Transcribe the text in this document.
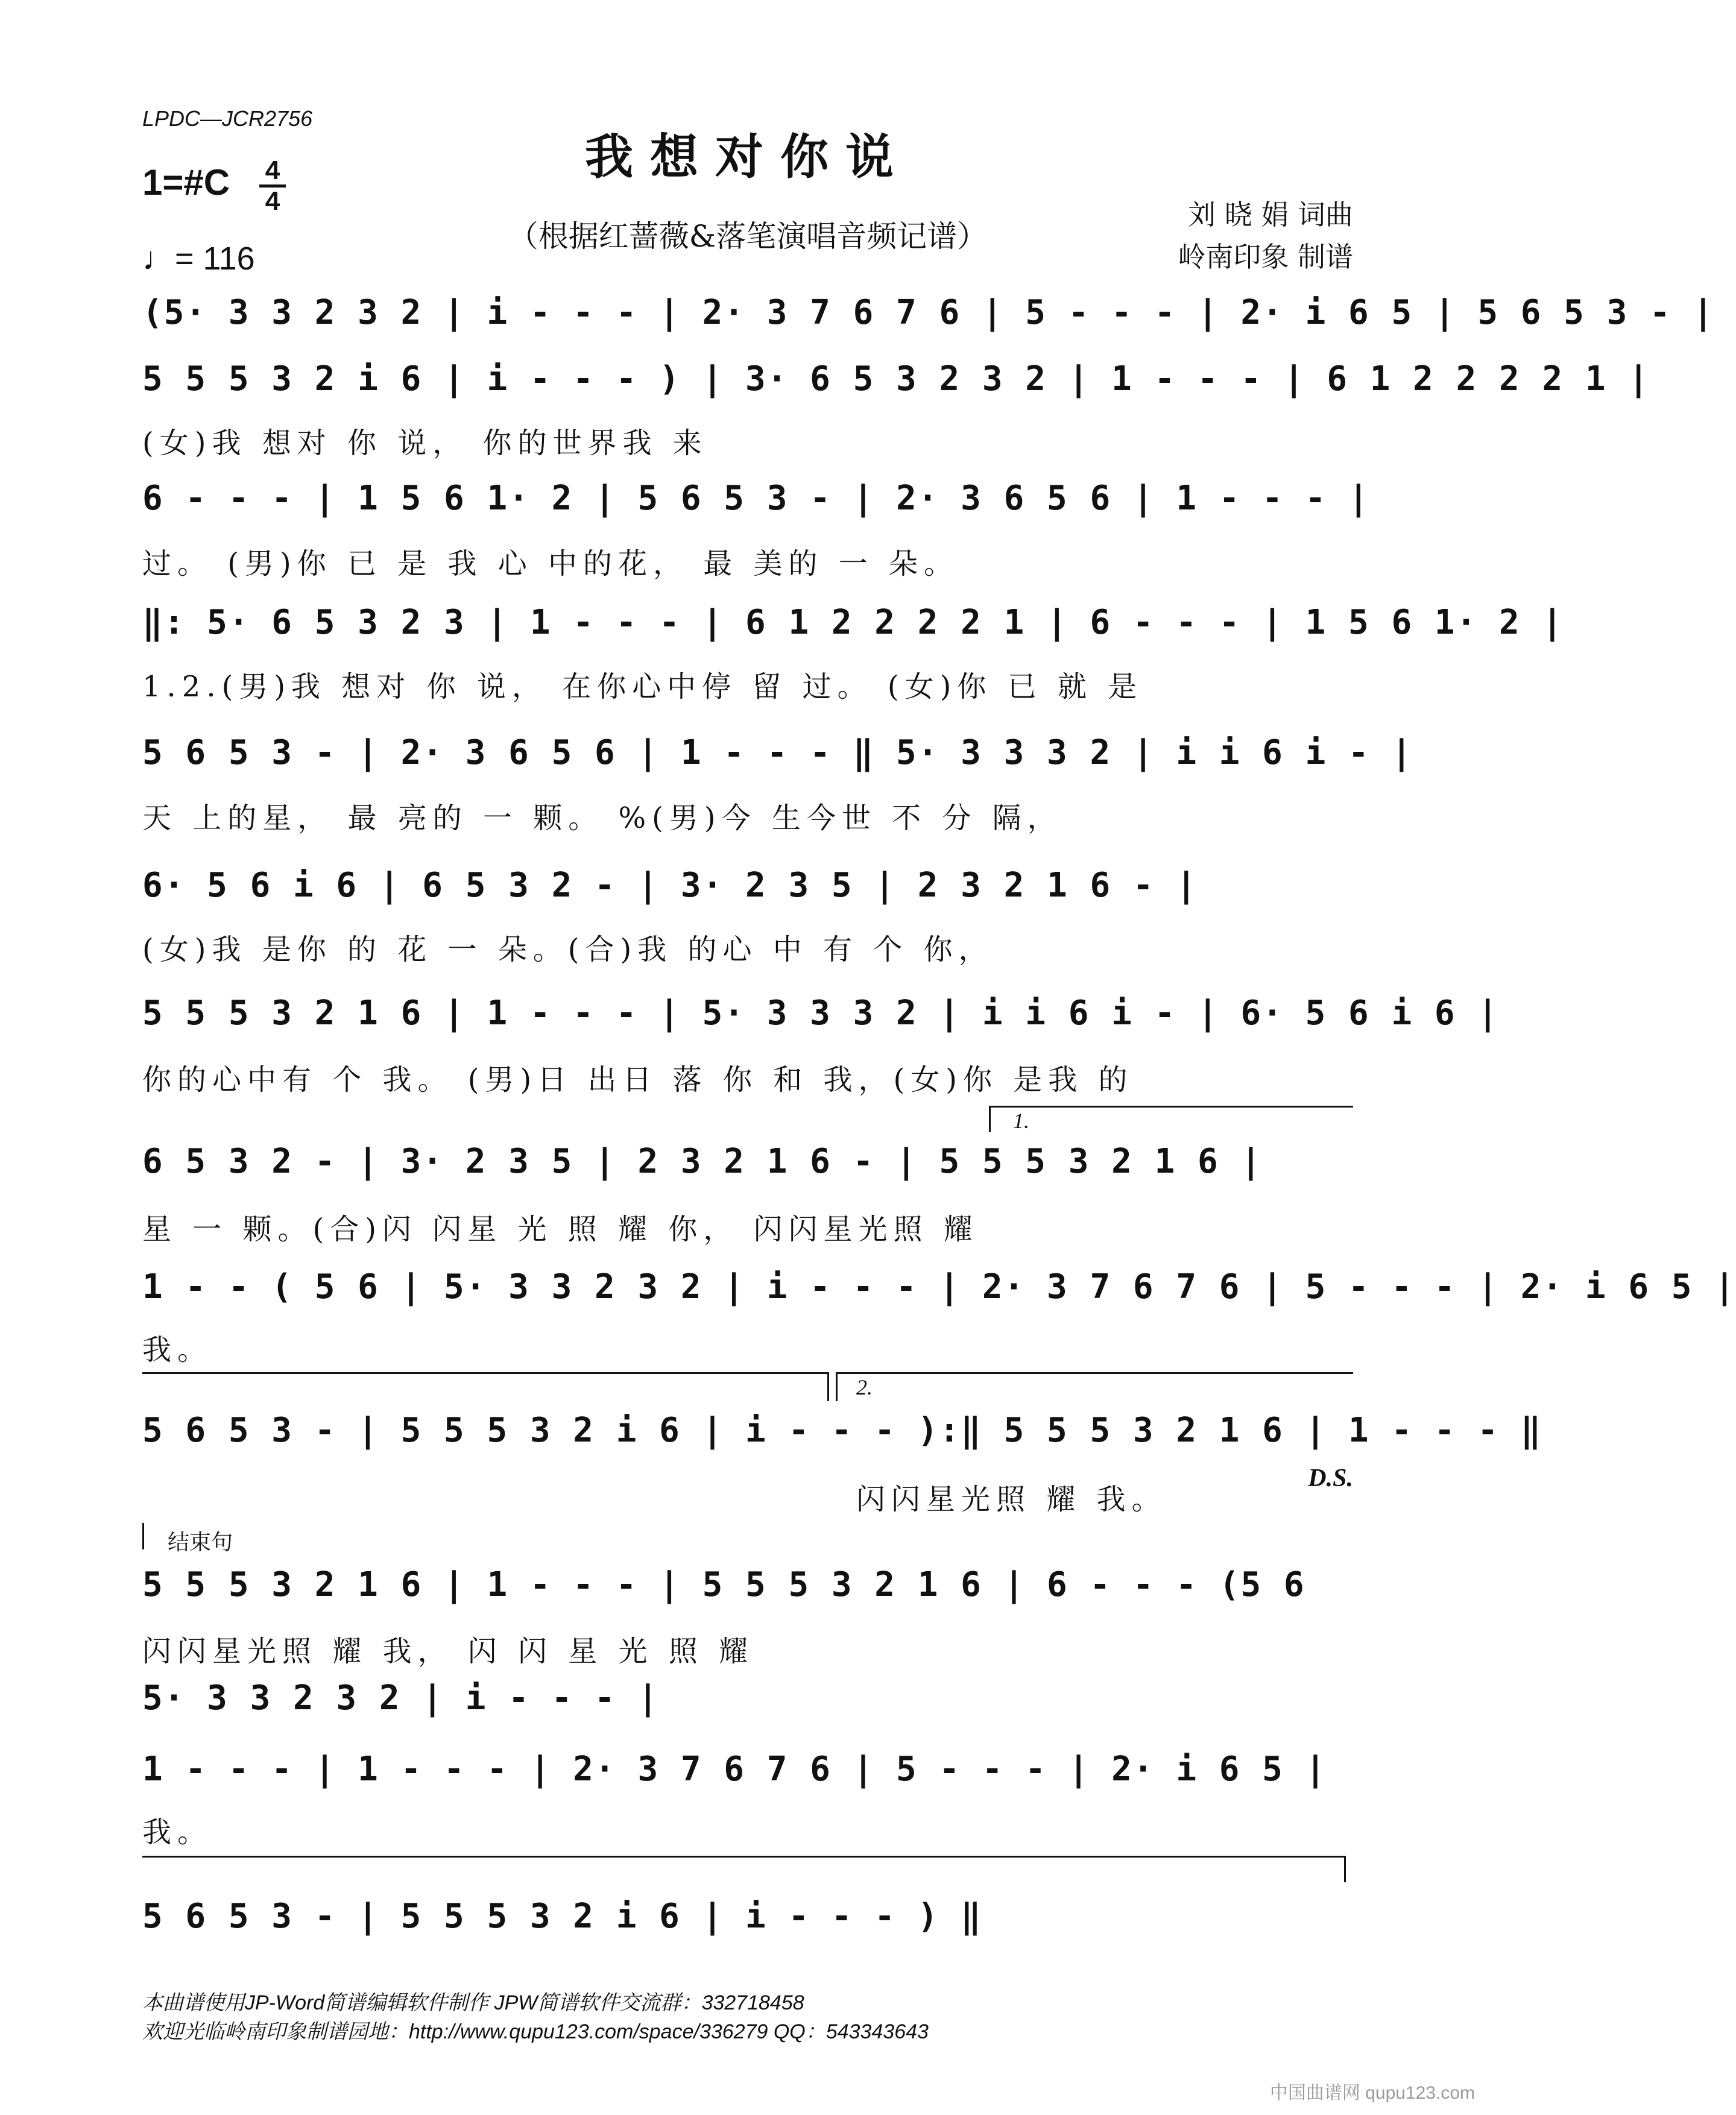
LPDC—JCR2756
我想对你说
（根据红蔷薇&落笔演唱音频记谱）
1=#C 4
4
♩= 116
刘 晓 娟 词曲
岭南印象 制谱
(5· 3 3 2 3 2 | i - - - | 2· 3 7 6 7 6 | 5 - - - | 2· i 6 5 | 5 6 5 3 - |
5 5 5 3 2 i 6 | i - - - ) | 3· 6 5 3 2 3 2 | 1 - - - | 6 1 2 2 2 2 1 |
(女)我 想对 你 说， 你的世界我 来
6 - - - | 1 5 6 1· 2 | 5 6 5 3 - | 2· 3 6 5 6 | 1 - - - |
过。 (男)你 已 是 我 心 中的花， 最 美的 一 朵。
‖: 5· 6 5 3 2 3 | 1 - - - | 6 1 2 2 2 2 1 | 6 - - - | 1 5 6 1· 2 |
1.2.(男)我 想对 你 说， 在你心中停 留 过。 (女)你 已 就 是
5 6 5 3 - | 2· 3 6 5 6 | 1 - - - ‖ 5· 3 3 3 2 | i i 6 i - |
天 上的星， 最 亮的 一 颗。 %(男)今 生今世 不 分 隔，
6· 5 6 i 6 | 6 5 3 2 - | 3· 2 3 5 | 2 3 2 1 6 - |
(女)我 是你 的 花 一 朵。(合)我 的心 中 有 个 你，
5 5 5 3 2 1 6 | 1 - - - | 5· 3 3 3 2 | i i 6 i - | 6· 5 6 i 6 |
你的心中有 个 我。 (男)日 出日 落 你 和 我，(女)你 是我 的
1.
6 5 3 2 - | 3· 2 3 5 | 2 3 2 1 6 - | 5 5 5 3 2 1 6 |
星 一 颗。(合)闪 闪星 光 照 耀 你， 闪闪星光照 耀
1 - - ( 5 6 | 5· 3 3 2 3 2 | i - - - | 2· 3 7 6 7 6 | 5 - - - | 2· i 6 5 |
我。
2.
5 6 5 3 - | 5 5 5 3 2 i 6 | i - - - ):‖ 5 5 5 3 2 1 6 | 1 - - - ‖
闪闪星光照 耀 我。
D.S.
结束句
5 5 5 3 2 1 6 | 1 - - - | 5 5 5 3 2 1 6 | 6 - - - (5 6
闪闪星光照 耀 我， 闪 闪 星 光 照 耀
5· 3 3 2 3 2 | i - - - |
1 - - - | 1 - - - | 2· 3 7 6 7 6 | 5 - - - | 2· i 6 5 |
我。
5 6 5 3 - | 5 5 5 3 2 i 6 | i - - - ) ‖
本曲谱使用JP-Word简谱编辑软件制作 JPW简谱软件交流群：332718458
欢迎光临岭南印象制谱园地：http://www.qupu123.com/space/336279 QQ：543343643
中国曲谱网 qupu123.com
